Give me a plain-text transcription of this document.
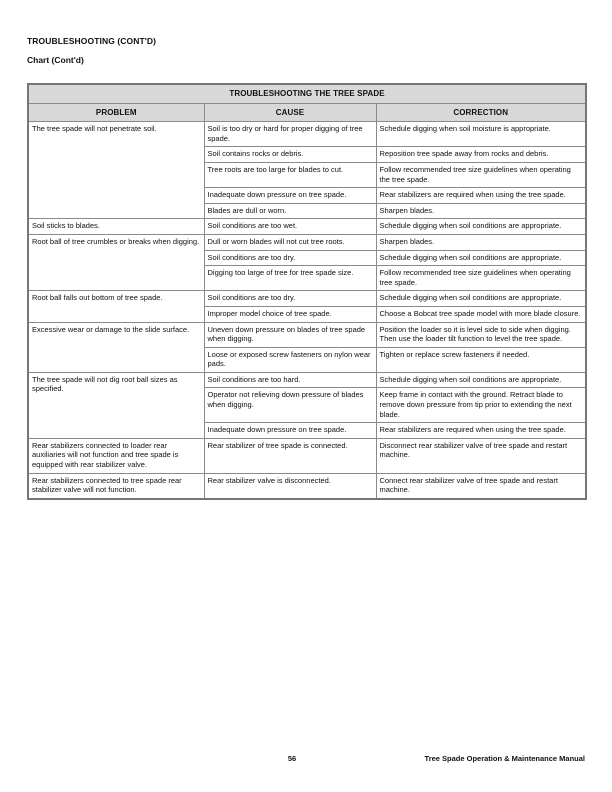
TROUBLESHOOTING (CONT'D)
Chart (Cont'd)
TROUBLESHOOTING THE TREE SPADE		
PROBLEM	CAUSE	CORRECTION
The tree spade will not penetrate soil.	Soil is too dry or hard for proper digging of tree spade.	Schedule digging when soil moisture is appropriate.
	Soil contains rocks or debris.	Reposition tree spade away from rocks and debris.
	Tree roots are too large for blades to cut.	Follow recommended tree size guidelines when operating the tree spade.
	Inadequate down pressure on tree spade.	Rear stabilizers are required when using the tree spade.
	Blades are dull or worn.	Sharpen blades.
Soil sticks to blades.	Soil conditions are too wet.	Schedule digging when soil conditions are appropriate.
Root ball of tree crumbles or breaks when digging.	Dull or worn blades will not cut tree roots.	Sharpen blades.
	Soil conditions are too dry.	Schedule digging when soil conditions are appropriate.
	Digging too large of tree for tree spade size.	Follow recommended tree size guidelines when operating tree spade.
Root ball falls out bottom of tree spade.	Soil conditions are too dry.	Schedule digging when soil conditions are appropriate.
	Improper model choice of tree spade.	Choose a Bobcat tree spade model with more blade closure.
Excessive wear or damage to the slide surface.	Uneven down pressure on blades of tree spade when digging.	Position the loader so it is level side to side when digging. Then use the loader tilt function to level the tree spade.
	Loose or exposed screw fasteners on nylon wear pads.	Tighten or replace screw fasteners if needed.
The tree spade will not dig root ball sizes as specified.	Soil conditions are too hard.	Schedule digging when soil conditions are appropriate.
	Operator not relieving down pressure of blades when digging.	Keep frame in contact with the ground. Retract blade to remove down pressure from tip prior to extending the next blade.
	Inadequate down pressure on tree spade.	Rear stabilizers are required when using the tree spade.
Rear stabilizers connected to loader rear auxiliaries will not function and tree spade is equipped with rear stabilizer valve.	Rear stabilizer of tree spade is connected.	Disconnect rear stabilizer valve of tree spade and restart machine.
Rear stabilizers connected to tree spade rear stabilizer valve will not function.	Rear stabilizer valve is disconnected.	Connect rear stabilizer valve of tree spade and restart machine.
56	Tree Spade Operation & Maintenance Manual
